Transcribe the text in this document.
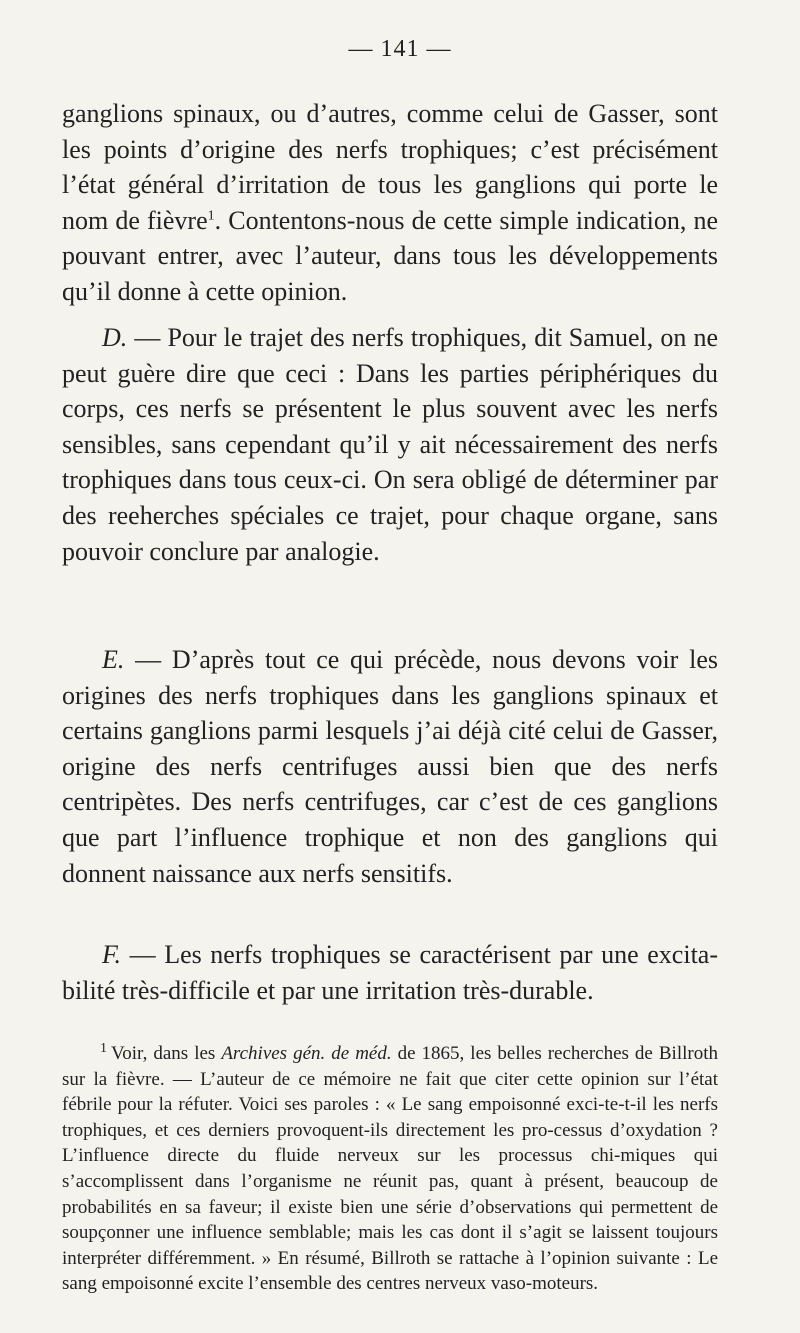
— 141 —

ganglions spinaux, ou d’autres, comme celui de Gasser, sont les points d’origine des nerfs trophiques; c’est précisément l’état général d’irritation de tous les ganglions qui porte le nom de fièvre$^1$. Contentons-nous de cette simple indication, ne pouvant entrer, avec l’auteur, dans tous les développements qu’il donne à cette opinion.

D. — Pour le trajet des nerfs trophiques, dit Samuel, on ne peut guère dire que ceci : Dans les parties périphériques du corps, ces nerfs se présentent le plus souvent avec les nerfs sensibles, sans cependant qu’il y ait nécessairement des nerfs trophiques dans tous ceux-ci. On sera obligé de déterminer par des reeherches spéciales ce trajet, pour chaque organe, sans pouvoir conclure par analogie.

E. — D’après tout ce qui précède, nous devons voir les origines des nerfs trophiques dans les ganglions spinaux et certains ganglions parmi lesquels j’ai déjà cité celui de Gasser, origine des nerfs centrifuges aussi bien que des nerfs centripètes. Des nerfs centrifuges, car c’est de ces ganglions que part l’influence trophique et non des ganglions qui donnent naissance aux nerfs sensitifs.

F. — Les nerfs trophiques se caractérisent par une excita-bilité très-difficile et par une irritation très-durable.

$^1$ Voir, dans les Archives gén. de méd. de 1865, les belles recherches de Billroth sur la fièvre. — L’auteur de ce mémoire ne fait que citer cette opinion sur l’état fébrile pour la réfuter. Voici ses paroles : « Le sang empoisonné exci-te-t-il les nerfs trophiques, et ces derniers provoquent-ils directement les pro-cessus d’oxydation ? L’influence directe du fluide nerveux sur les processus chi-miques qui s’accomplissent dans l’organisme ne réunit pas, quant à présent, beaucoup de probabilités en sa faveur; il existe bien une série d’observations qui permettent de soupçonner une influence semblable; mais les cas dont il s’agit se laissent toujours interpréter différemment. » En résumé, Billroth se rattache à l’opinion suivante : Le sang empoisonné excite l’ensemble des centres nerveux vaso-moteurs.
